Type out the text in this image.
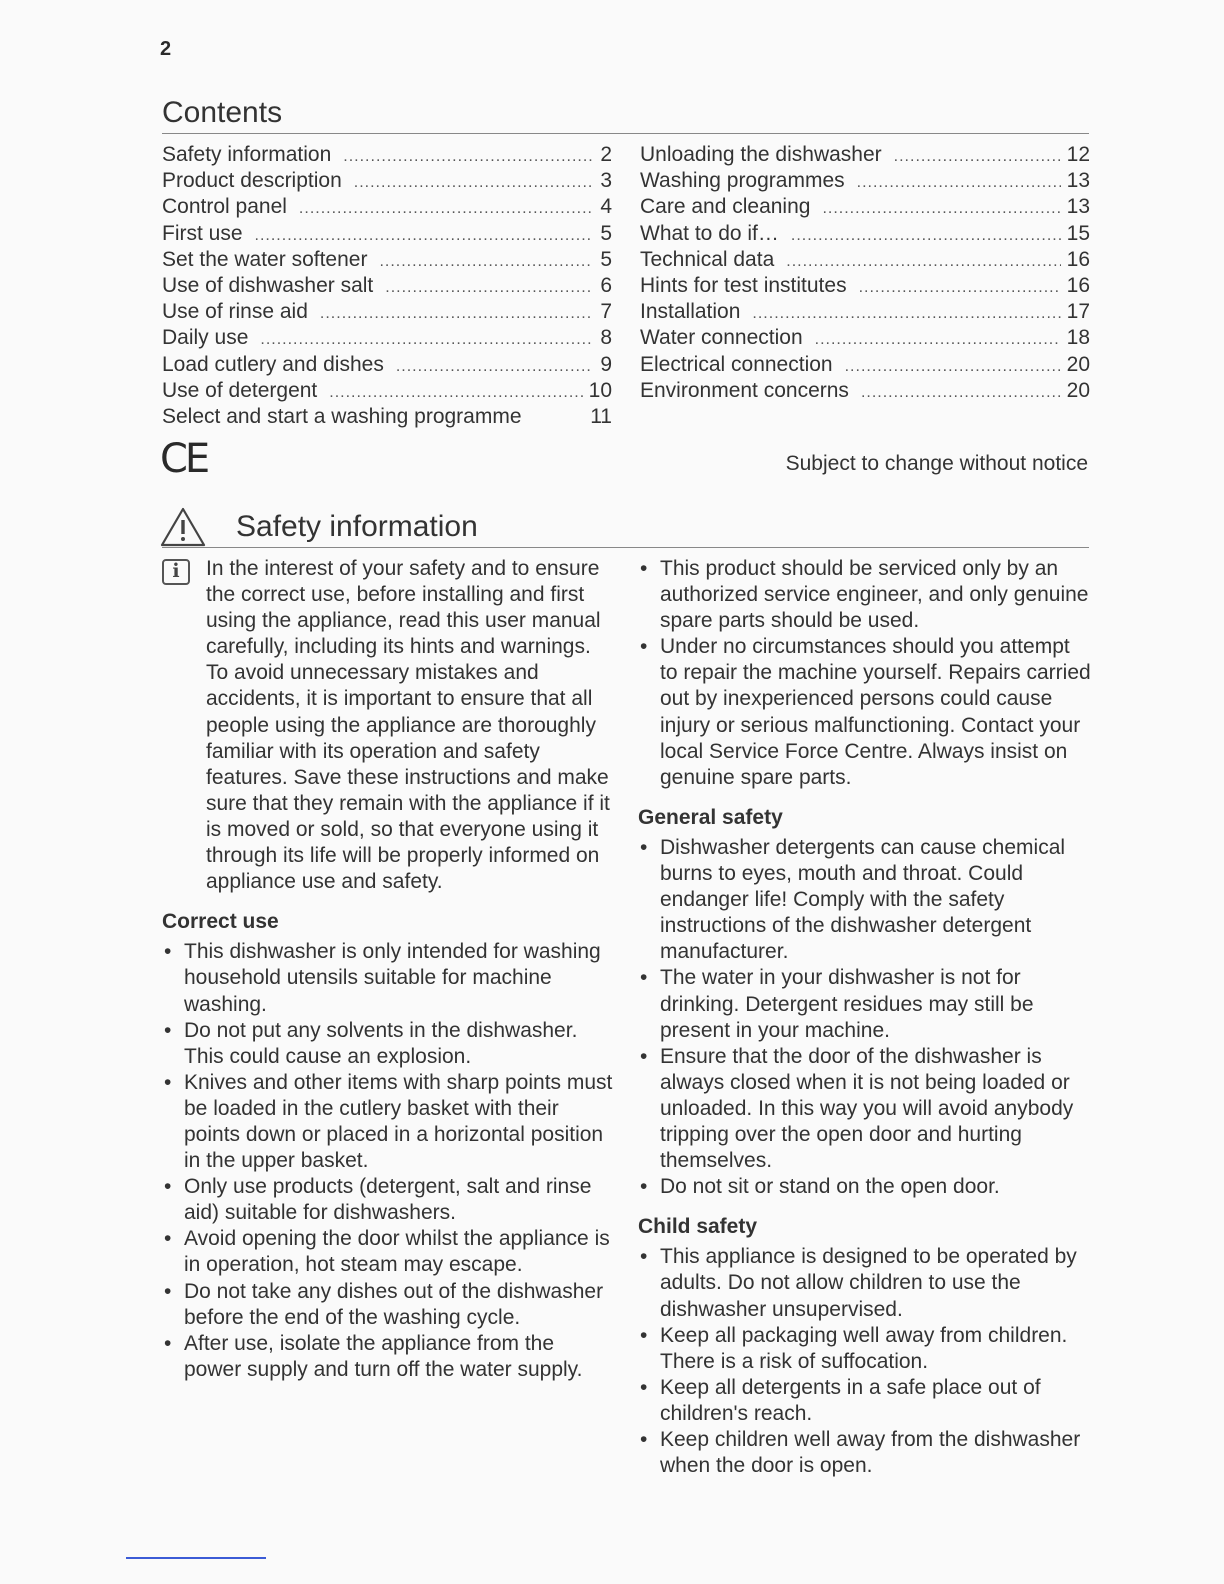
2
Contents
Safety information .....	2
Product description .....	3
Control panel .....	4
First use .....	5
Set the water softener .....	5
Use of dishwasher salt .....	6
Use of rinse aid .....	7
Daily use .....	8
Load cutlery and dishes .....	9
Use of detergent .....	10
Select and start a washing programme	11
Unloading the dishwasher .....	12
Washing programmes .....	13
Care and cleaning .....	13
What to do if… .....	15
Technical data .....	16
Hints for test institutes .....	16
Installation .....	17
Water connection .....	18
Electrical connection .....	20
Environment concerns .....	20
CE	Subject to change without notice
Safety information
i	In the interest of your safety and to ensure the correct use, before installing and first using the appliance, read this user manual carefully, including its hints and warnings. To avoid unnecessary mistakes and accidents, it is important to ensure that all people using the appliance are thoroughly familiar with its operation and safety features. Save these instructions and make sure that they remain with the appliance if it is moved or sold, so that everyone using it through its life will be properly informed on appliance use and safety.
Correct use
• This dishwasher is only intended for washing household utensils suitable for machine washing.
• Do not put any solvents in the dishwasher. This could cause an explosion.
• Knives and other items with sharp points must be loaded in the cutlery basket with their points down or placed in a horizontal position in the upper basket.
• Only use products (detergent, salt and rinse aid) suitable for dishwashers.
• Avoid opening the door whilst the appliance is in operation, hot steam may escape.
• Do not take any dishes out of the dishwasher before the end of the washing cycle.
• After use, isolate the appliance from the power supply and turn off the water supply.
• This product should be serviced only by an authorized service engineer, and only genuine spare parts should be used.
• Under no circumstances should you attempt to repair the machine yourself. Repairs carried out by inexperienced persons could cause injury or serious malfunctioning. Contact your local Service Force Centre. Always insist on genuine spare parts.
General safety
• Dishwasher detergents can cause chemical burns to eyes, mouth and throat. Could endanger life! Comply with the safety instructions of the dishwasher detergent manufacturer.
• The water in your dishwasher is not for drinking. Detergent residues may still be present in your machine.
• Ensure that the door of the dishwasher is always closed when it is not being loaded or unloaded. In this way you will avoid anybody tripping over the open door and hurting themselves.
• Do not sit or stand on the open door.
Child safety
• This appliance is designed to be operated by adults. Do not allow children to use the dishwasher unsupervised.
• Keep all packaging well away from children. There is a risk of suffocation.
• Keep all detergents in a safe place out of children's reach.
• Keep children well away from the dishwasher when the door is open.
